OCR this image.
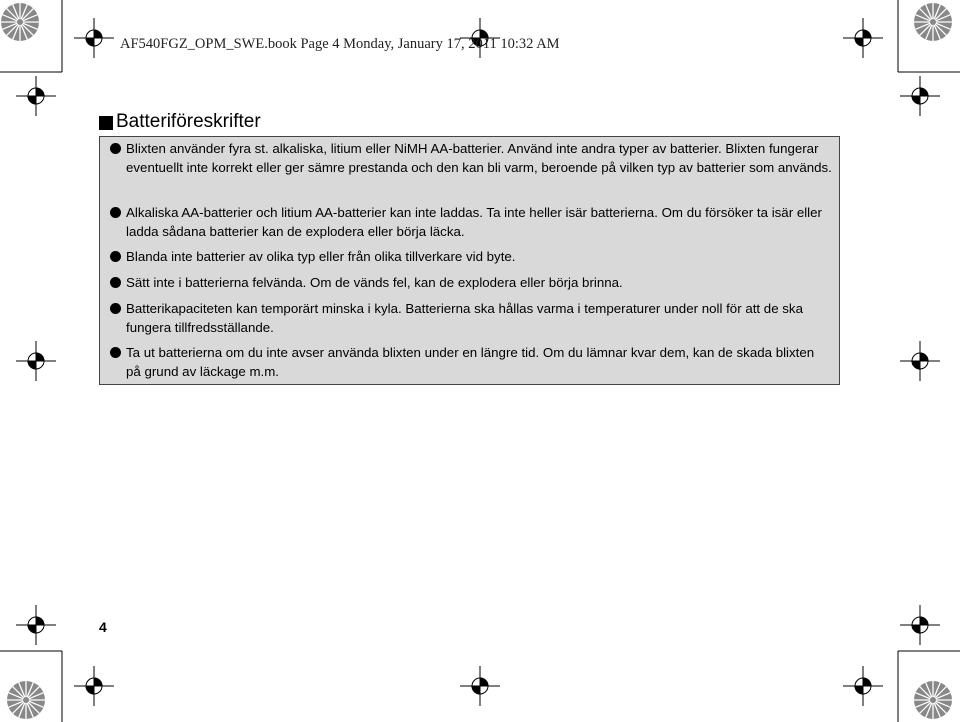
AF540FGZ_OPM_SWE.book Page 4 Monday, January 17, 2011 10:32 AM
Batteriföreskrifter
Blixten använder fyra st. alkaliska, litium eller NiMH AA-batterier. Använd inte andra typer av batterier. Blixten fungerar eventuellt inte korrekt eller ger sämre prestanda och den kan bli varm, beroende på vilken typ av batterier som används.
Alkaliska AA-batterier och litium AA-batterier kan inte laddas. Ta inte heller isär batterierna. Om du försöker ta isär eller ladda sådana batterier kan de explodera eller börja läcka.
Blanda inte batterier av olika typ eller från olika tillverkare vid byte.
Sätt inte i batterierna felvända. Om de vänds fel, kan de explodera eller börja brinna.
Batterikapaciteten kan temporärt minska i kyla. Batterierna ska hållas varma i temperaturer under noll för att de ska fungera tillfredsställande.
Ta ut batterierna om du inte avser använda blixten under en längre tid. Om du lämnar kvar dem, kan de skada blixten på grund av läckage m.m.
4
